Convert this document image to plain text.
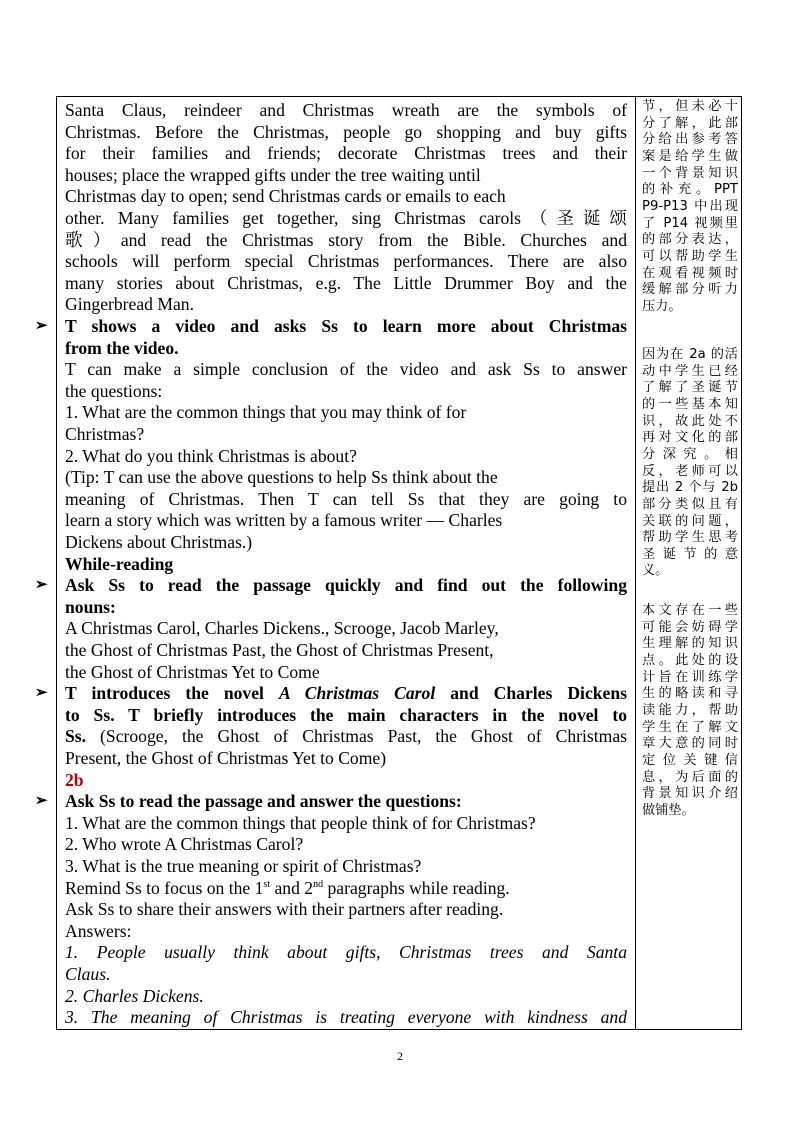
Santa Claus, reindeer and Christmas wreath are the symbols of
Christmas. Before the Christmas, people go shopping and buy gifts
for their families and friends; decorate Christmas trees and their
houses; place the wrapped gifts under the tree waiting until
Christmas day to open; send Christmas cards or emails to each
other. Many families get together, sing Christmas carols（圣诞颂
歌）and read the Christmas story from the Bible. Churches and
schools will perform special Christmas performances. There are also
many stories about Christmas, e.g. The Little Drummer Boy and the
Gingerbread Man.
T shows a video and asks Ss to learn more about Christmas
➢
from the video.
T can make a simple conclusion of the video and ask Ss to answer
the questions:
1. What are the common things that you may think of for
Christmas?
2. What do you think Christmas is about?
(Tip: T can use the above questions to help Ss think about the
meaning of Christmas. Then T can tell Ss that they are going to
learn a story which was written by a famous writer — Charles
Dickens about Christmas.)
While-reading
Ask Ss to read the passage quickly and find out the following
➢
nouns:
A Christmas Carol, Charles Dickens., Scrooge, Jacob Marley,
the Ghost of Christmas Past, the Ghost of Christmas Present,
the Ghost of Christmas Yet to Come
T introduces the novel A Christmas Carol and Charles Dickens
➢
to Ss. T briefly introduces the main characters in the novel to
Ss. (Scrooge, the Ghost of Christmas Past, the Ghost of Christmas
Present, the Ghost of Christmas Yet to Come)
2b
Ask Ss to read the passage and answer the questions:
➢
1. What are the common things that people think of for Christmas?
2. Who wrote A Christmas Carol?
3. What is the true meaning or spirit of Christmas?
Remind Ss to focus on the 1st and 2nd paragraphs while reading.
Ask Ss to share their answers with their partners after reading.
Answers:
1. People usually think about gifts, Christmas trees and Santa
Claus.
2. Charles Dickens.
3. The meaning of Christmas is treating everyone with kindness and
节，但未必十
分了解，此部
分给出参考答
案是给学生做
一个背景知识
的补充。PPT
P9-P13 中出现
了 P14 视频里
的部分表达，
可以帮助学生
在观看视频时
缓解部分听力
压力。
因为在 2a 的活
动中学生已经
了解了圣诞节
的一些基本知
识，故此处不
再对文化的部
分深究。相
反，老师可以
提出 2 个与 2b
部分类似且有
关联的问题，
帮助学生思考
圣诞节的意
义。
本文存在一些
可能会妨碍学
生理解的知识
点。此处的设
计旨在训练学
生的略读和寻
读能力，帮助
学生在了解文
章大意的同时
定位关键信
息，为后面的
背景知识介绍
做铺垫。
2
